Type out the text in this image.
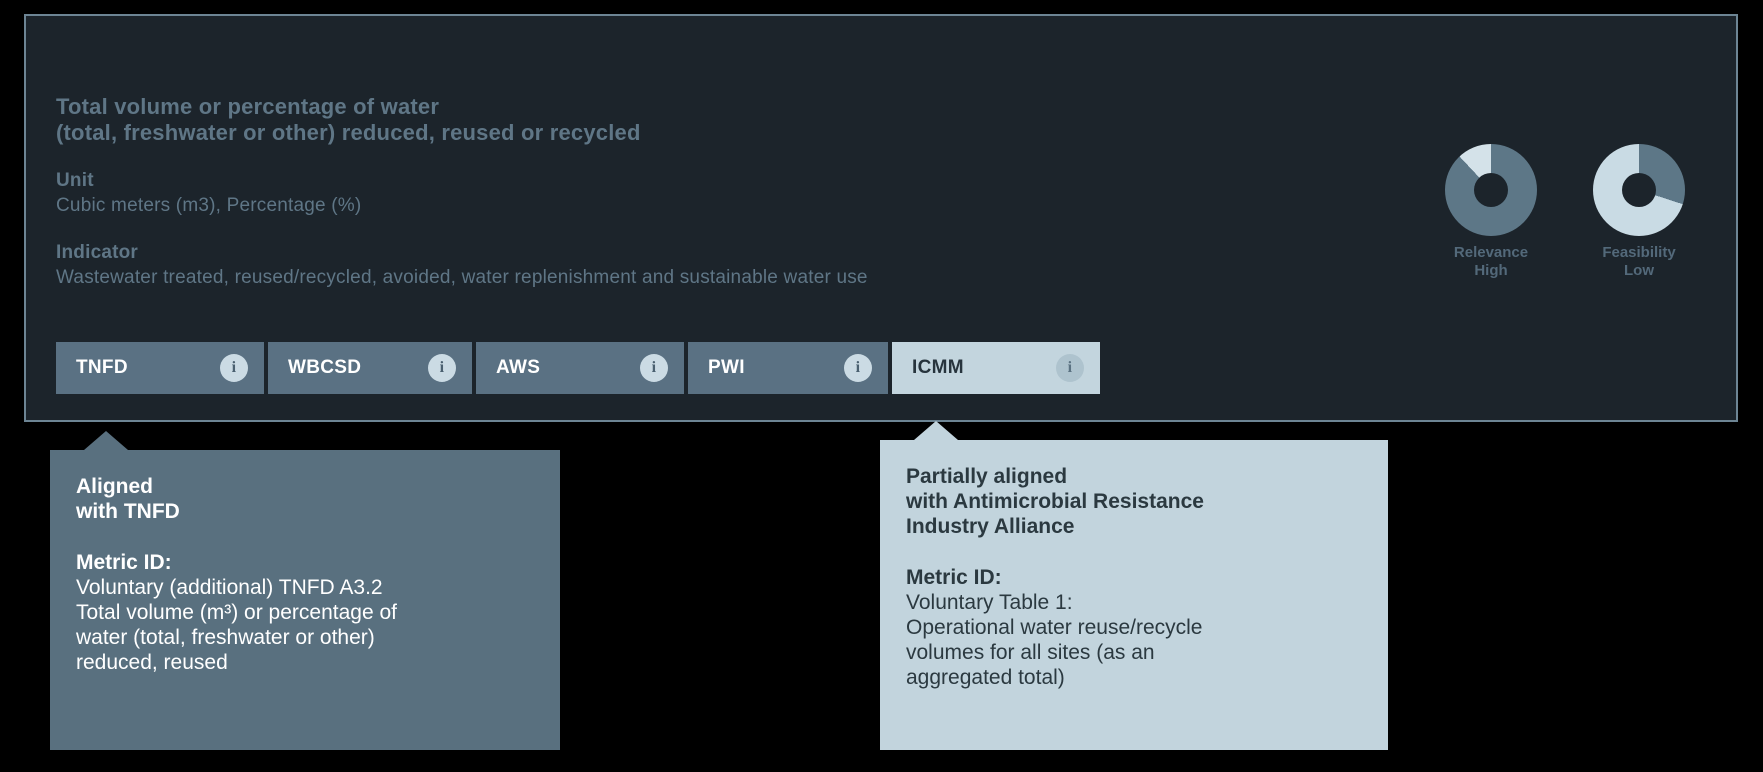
Total volume or percentage of water
(total, freshwater or other) reduced, reused or recycled
Unit
Cubic meters (m3), Percentage (%)
Indicator
Wastewater treated, reused/recycled, avoided, water replenishment and sustainable water use
Relevance
High
Feasibility
Low
TNFD	i	WBCSD	i	AWS	i	PWI	i	ICMM	i
Aligned
with TNFD
Metric ID:
Voluntary (additional) TNFD A3.2
Total volume (m³) or percentage of
water (total, freshwater or other)
reduced, reused
Partially aligned
with Antimicrobial Resistance
Industry Alliance
Metric ID:
Voluntary Table 1:
Operational water reuse/recycle
volumes for all sites (as an
aggregated total)
